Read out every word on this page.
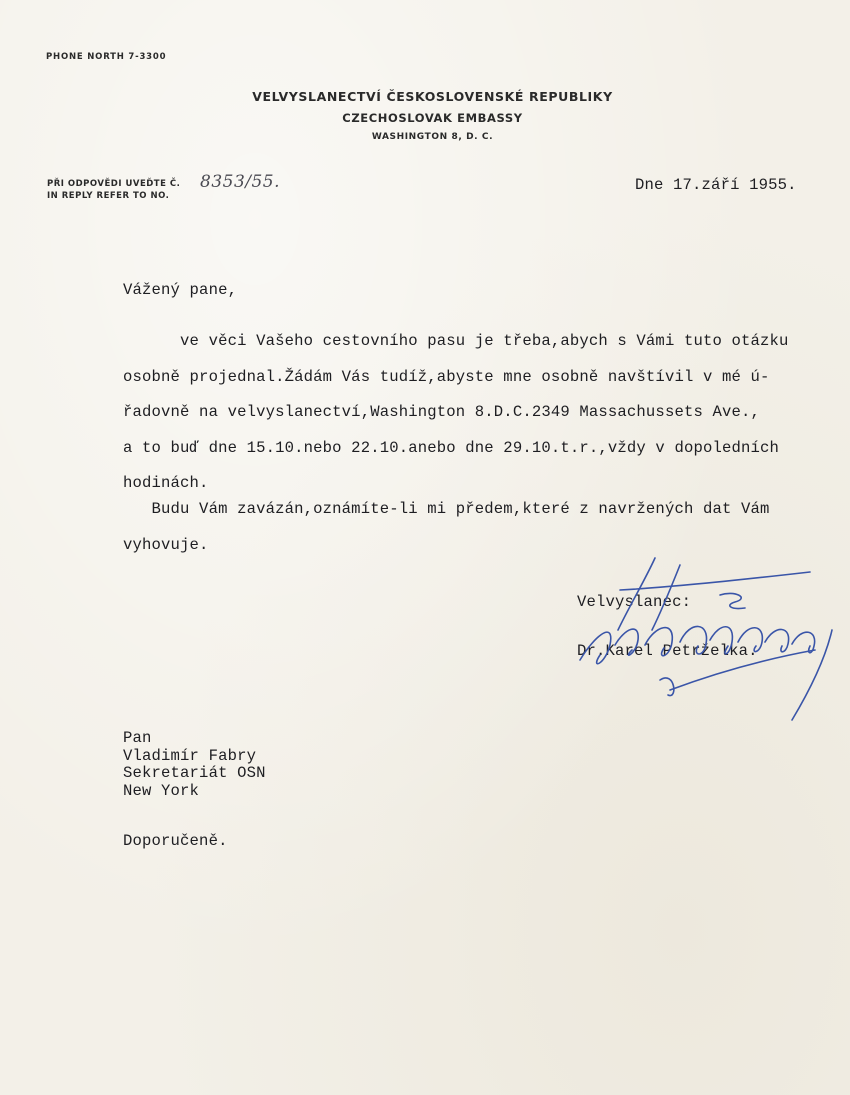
PHONE NORTH 7-3300
VELVYSLANECTVÍ ČESKOSLOVENSKÉ REPUBLIKY
CZECHOSLOVAK EMBASSY
WASHINGTON 8, D. C.
PŘI ODPOVĚDI UVEĎTE Č.
IN REPLY REFER TO NO.
8353/55.	Dne 17.září 1955.
Vážený pane,
ve věci Vašeho cestovního pasu je třeba,abych s Vámi tuto otázku
osobně projednal.Žádám Vás tudíž,abyste mne osobně navštívil v mé ú-
řadovně na velvyslanectví,Washington 8.D.C.2349 Massachussets Ave.,
a to buď dne 15.10.nebo 22.10.anebo dne 29.10.t.r.,vždy v dopoledních
hodinách.
Budu Vám zavázán,oznámíte-li mi předem,které z navržených dat Vám
vyhovuje.
Velvyslanec:
Dr.Karel Petrželka.
Pan
Vladimír Fabry
Sekretariát OSN
New York
Doporučeně.
